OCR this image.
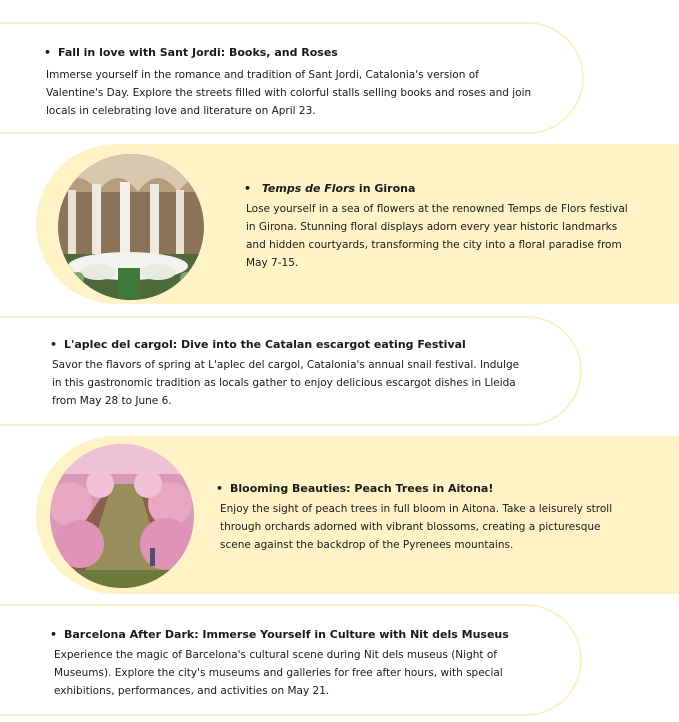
• Fall in love with Sant Jordi: Books, and Roses

Immerse yourself in the romance and tradition of Sant Jordi, Catalonia's version of Valentine's Day. Explore the streets filled with colorful stalls selling books and roses and join locals in celebrating love and literature on April 23.

• Temps de Flors in Girona

Lose yourself in a sea of flowers at the renowned Temps de Flors festival in Girona. Stunning floral displays adorn every year historic landmarks and hidden courtyards, transforming the city into a floral paradise from May 7-15.

• L'aplec del cargol: Dive into the Catalan escargot eating Festival

Savor the flavors of spring at L'aplec del cargol, Catalonia's annual snail festival. Indulge in this gastronomic tradition as locals gather to enjoy delicious escargot dishes in Lleida from May 28 to June 6.

• Blooming Beauties: Peach Trees in Aitona!

Enjoy the sight of peach trees in full bloom in Aitona. Take a leisurely stroll through orchards adorned with vibrant blossoms, creating a picturesque scene against the backdrop of the Pyrenees mountains.

• Barcelona After Dark: Immerse Yourself in Culture with Nit dels Museus

Experience the magic of Barcelona's cultural scene during Nit dels museus (Night of Museums). Explore the city's museums and galleries for free after hours, with special exhibitions, performances, and activities on May 21.
